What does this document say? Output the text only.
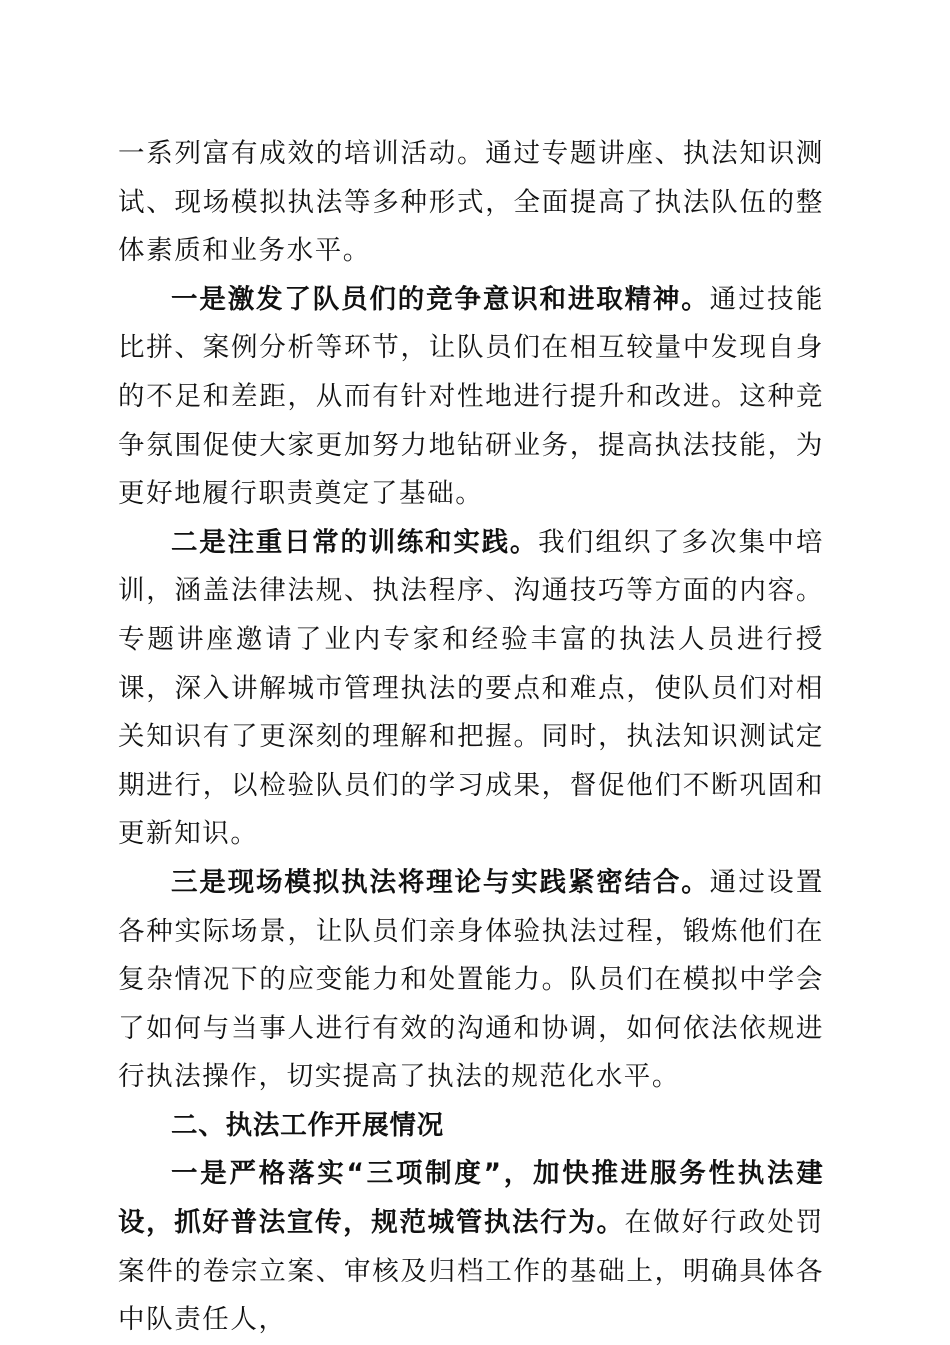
一系列富有成效的培训活动。通过专题讲座、执法知识测试、现场模拟执法等多种形式，全面提高了执法队伍的整体素质和业务水平。

一是激发了队员们的竞争意识和进取精神。通过技能比拼、案例分析等环节，让队员们在相互较量中发现自身的不足和差距，从而有针对性地进行提升和改进。这种竞争氛围促使大家更加努力地钻研业务，提高执法技能，为更好地履行职责奠定了基础。

二是注重日常的训练和实践。我们组织了多次集中培训，涵盖法律法规、执法程序、沟通技巧等方面的内容。专题讲座邀请了业内专家和经验丰富的执法人员进行授课，深入讲解城市管理执法的要点和难点，使队员们对相关知识有了更深刻的理解和把握。同时，执法知识测试定期进行，以检验队员们的学习成果，督促他们不断巩固和更新知识。

三是现场模拟执法将理论与实践紧密结合。通过设置各种实际场景，让队员们亲身体验执法过程，锻炼他们在复杂情况下的应变能力和处置能力。队员们在模拟中学会了如何与当事人进行有效的沟通和协调，如何依法依规进行执法操作，切实提高了执法的规范化水平。

二、执法工作开展情况

一是严格落实“三项制度”，加快推进服务性执法建设，抓好普法宣传，规范城管执法行为。在做好行政处罚案件的卷宗立案、审核及归档工作的基础上，明确具体各中队责任人，
